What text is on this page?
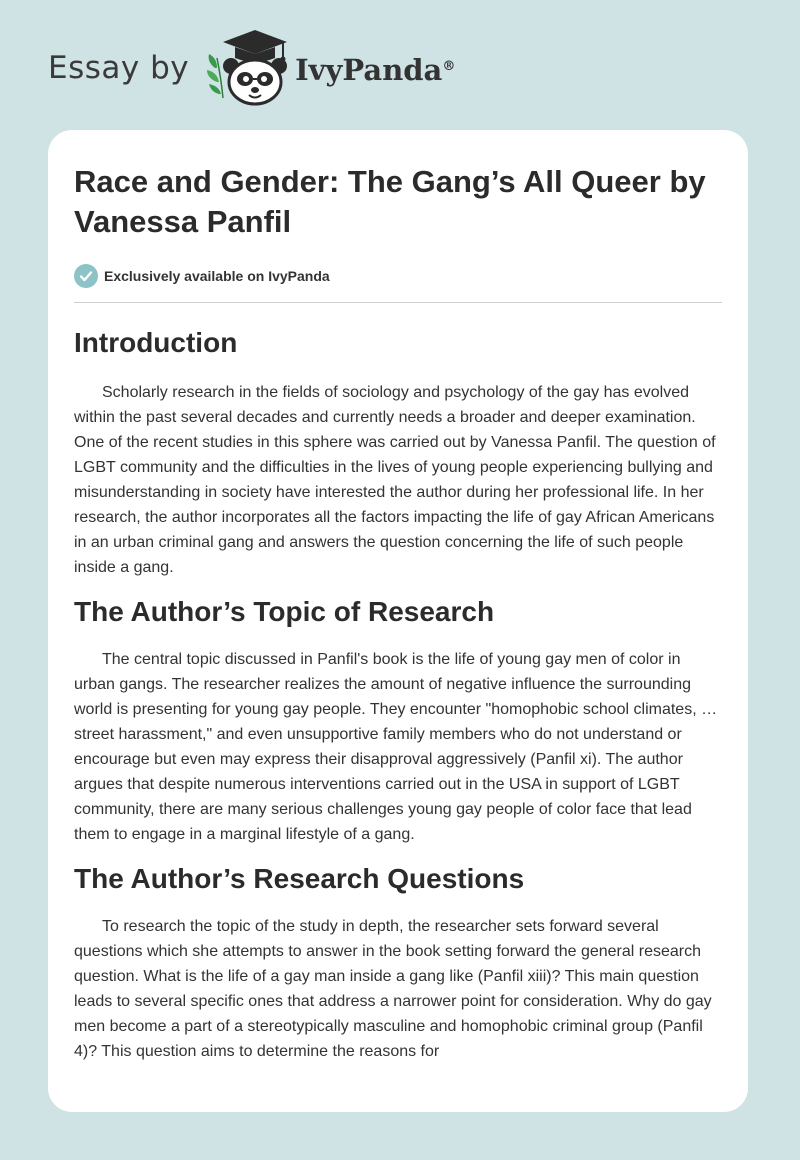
Essay by	IvyPanda®
Race and Gender: The Gang’s All Queer by Vanessa Panfil
Exclusively available on IvyPanda
Introduction

Scholarly research in the fields of sociology and psychology of the gay has evolved within the past several decades and currently needs a broader and deeper examination. One of the recent studies in this sphere was carried out by Vanessa Panfil. The question of LGBT community and the difficulties in the lives of young people experiencing bullying and misunderstanding in society have interested the author during her professional life. In her research, the author incorporates all the factors impacting the life of gay African Americans in an urban criminal gang and answers the question concerning the life of such people inside a gang.

The Author’s Topic of Research

The central topic discussed in Panfil's book is the life of young gay men of color in urban gangs. The researcher realizes the amount of negative influence the surrounding world is presenting for young gay people. They encounter "homophobic school climates, … street harassment," and even unsupportive family members who do not understand or encourage but even may express their disapproval aggressively (Panfil xi). The author argues that despite numerous interventions carried out in the USA in support of LGBT community, there are many serious challenges young gay people of color face that lead them to engage in a marginal lifestyle of a gang.

The Author’s Research Questions

To research the topic of the study in depth, the researcher sets forward several questions which she attempts to answer in the book setting forward the general research question. What is the life of a gay man inside a gang like (Panfil xiii)? This main question leads to several specific ones that address a narrower point for consideration. Why do gay men become a part of a stereotypically masculine and homophobic criminal group (Panfil 4)? This question aims to determine the reasons for
